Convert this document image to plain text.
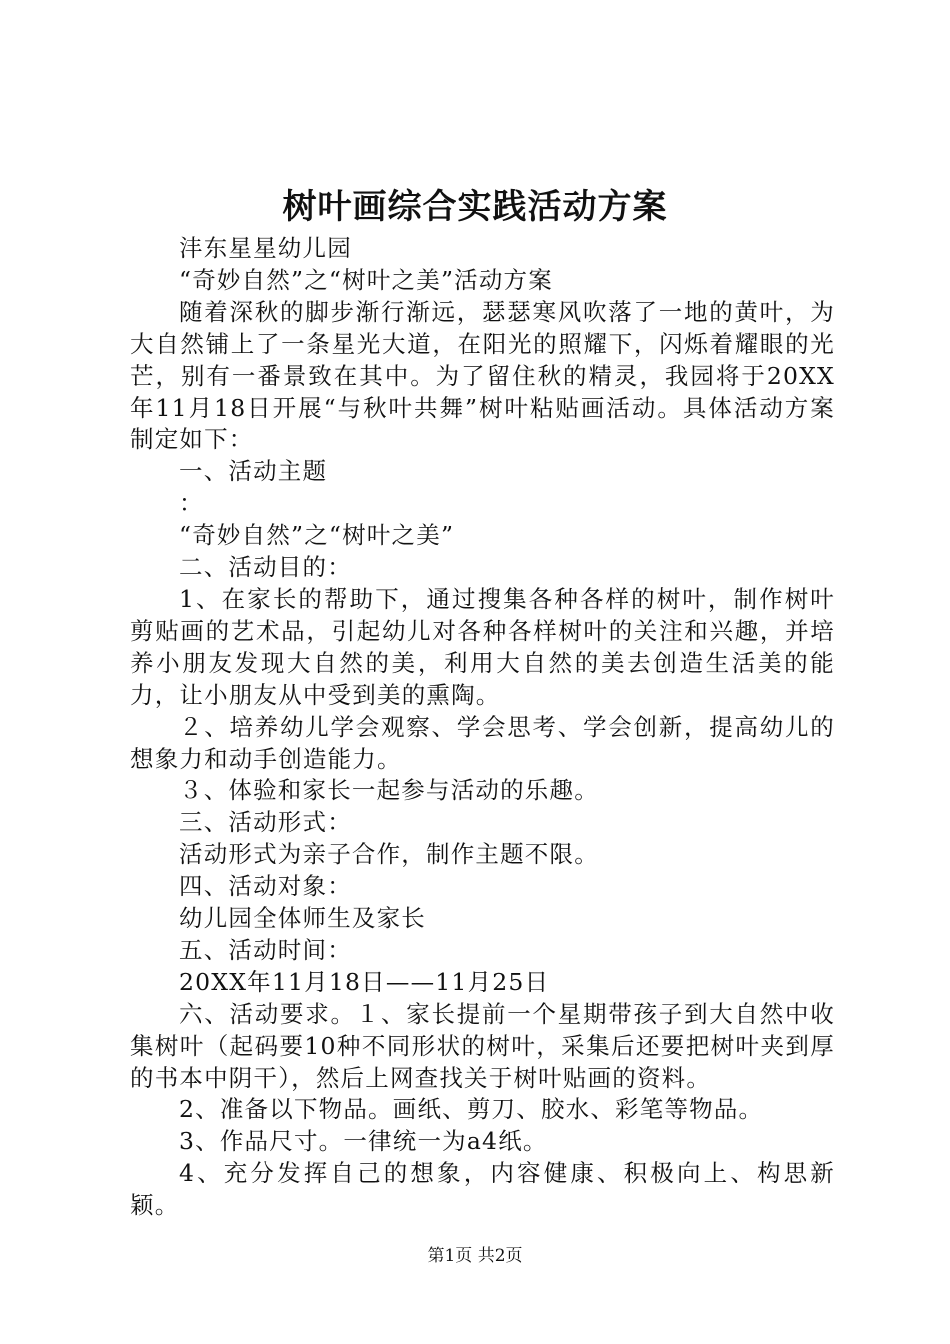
树叶画综合实践活动方案

沣东星星幼儿园

“奇妙自然”之“树叶之美”活动方案

随着深秋的脚步渐行渐远，瑟瑟寒风吹落了一地的黄叶，为大自然铺上了一条星光大道，在阳光的照耀下，闪烁着耀眼的光芒，别有一番景致在其中。为了留住秋的精灵，我园将于20XX年11月18日开展“与秋叶共舞”树叶粘贴画活动。具体活动方案制定如下：

一、活动主题

：

“奇妙自然”之“树叶之美”

二、活动目的：

1、在家长的帮助下，通过搜集各种各样的树叶，制作树叶剪贴画的艺术品，引起幼儿对各种各样树叶的关注和兴趣，并培养小朋友发现大自然的美，利用大自然的美去创造生活美的能力，让小朋友从中受到美的熏陶。

２、培养幼儿学会观察、学会思考、学会创新，提高幼儿的想象力和动手创造能力。

３、体验和家长一起参与活动的乐趣。

三、活动形式：

活动形式为亲子合作，制作主题不限。

四、活动对象：

幼儿园全体师生及家长

五、活动时间：

20XX年11月18日——11月25日

六、活动要求。１、家长提前一个星期带孩子到大自然中收集树叶（起码要10种不同形状的树叶，采集后还要把树叶夹到厚的书本中阴干），然后上网查找关于树叶贴画的资料。

2、准备以下物品。画纸、剪刀、胶水、彩笔等物品。

3、作品尺寸。一律统一为a4纸。

4、充分发挥自己的想象，内容健康、积极向上、构思新颖。

第1页 共2页
